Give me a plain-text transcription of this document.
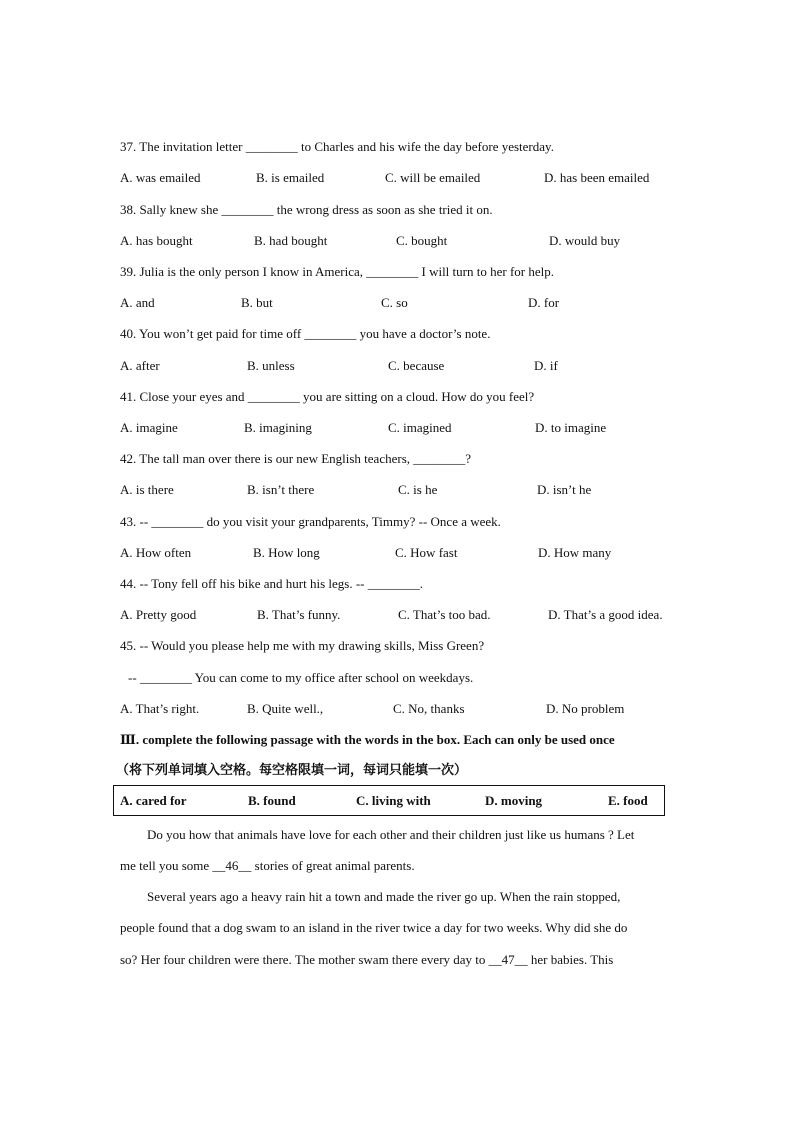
37. The invitation letter ________ to Charles and his wife the day before yesterday.
A. was emailed	B. is emailed	C. will be emailed	D. has been emailed
38. Sally knew she ________ the wrong dress as soon as she tried it on.
A. has bought	B. had bought	C. bought	D. would buy
39. Julia is the only person I know in America, ________ I will turn to her for help.
A. and	B. but	C. so	D. for
40. You won’t get paid for time off ________ you have a doctor’s note.
A. after	B. unless	C. because	D. if
41. Close your eyes and ________ you are sitting on a cloud. How do you feel?
A. imagine	B. imagining	C. imagined	D. to imagine
42. The tall man over there is our new English teachers, ________?
A. is there	B. isn’t there	C. is he	D. isn’t he
43. -- ________ do you visit your grandparents, Timmy? -- Once a week.
A. How often	B. How long	C. How fast	D. How many
44. -- Tony fell off his bike and hurt his legs. -- ________.
A. Pretty good	B. That’s funny.	C. That’s too bad.	D. That’s a good idea.
45. -- Would you please help me with my drawing skills, Miss Green?
-- ________ You can come to my office after school on weekdays.
A. That’s right.	B. Quite well.,	C. No, thanks	D. No problem
Ⅲ. complete the following passage with the words in the box. Each can only be used once
（将下列单词填入空格。每空格限填一词，每词只能填一次）
A. cared for	B. found	C. living with	D. moving	E. food
Do you how that animals have love for each other and their children just like us humans ? Let
me tell you some __46__ stories of great animal parents.
Several years ago a heavy rain hit a town and made the river go up. When the rain stopped,
people found that a dog swam to an island in the river twice a day for two weeks. Why did she do
so? Her four children were there. The mother swam there every day to __47__ her babies. This
